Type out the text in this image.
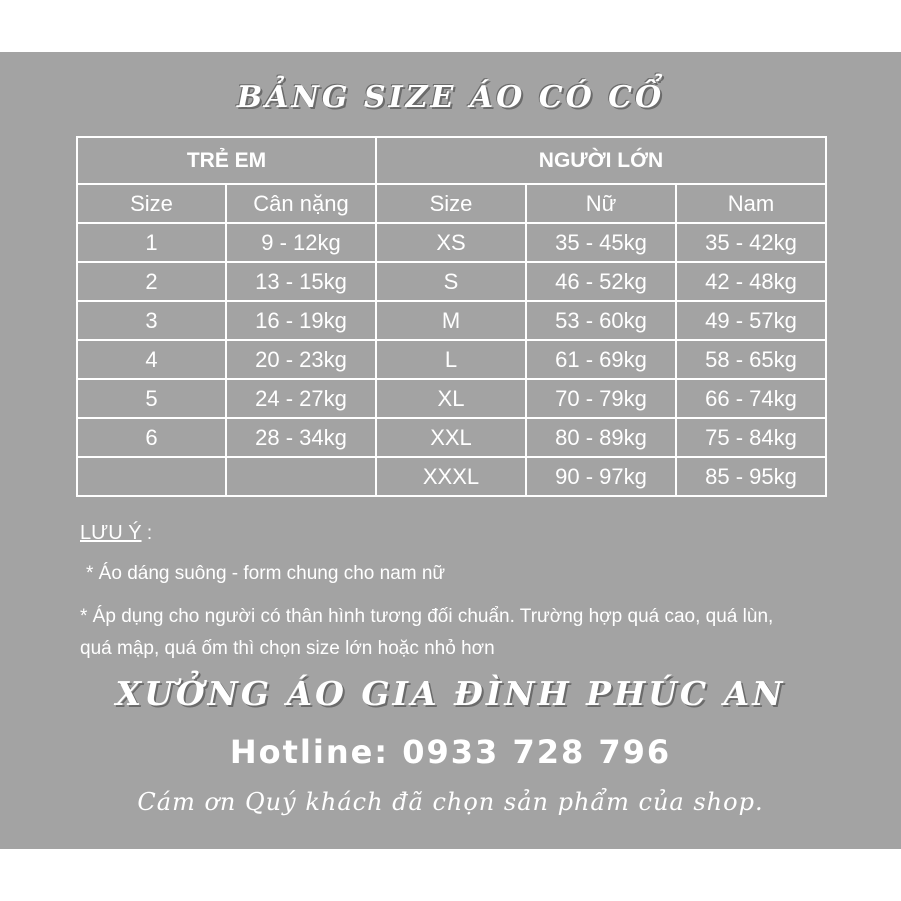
BẢNG SIZE ÁO CÓ CỔ
TRẺ EM		NGƯỜI LỚN		
Size	Cân nặng	Size	Nữ	Nam
1	9 - 12kg	XS	35 - 45kg	35 - 42kg
2	13 - 15kg	S	46 - 52kg	42 - 48kg
3	16 - 19kg	M	53 - 60kg	49 - 57kg
4	20 - 23kg	L	61 - 69kg	58 - 65kg
5	24 - 27kg	XL	70 - 79kg	66 - 74kg
6	28 - 34kg	XXL	80 - 89kg	75 - 84kg
		XXXL	90 - 97kg	85 - 95kg
LƯU Ý :
* Áo dáng suông - form chung cho nam nữ
* Áp dụng cho người có thân hình tương đối chuẩn. Trường hợp quá cao, quá lùn, quá mập, quá ốm thì chọn size lớn hoặc nhỏ hơn
XƯỞNG ÁO GIA ĐÌNH PHÚC AN
Hotline: 0933 728 796
Cám ơn Quý khách đã chọn sản phẩm của shop.
